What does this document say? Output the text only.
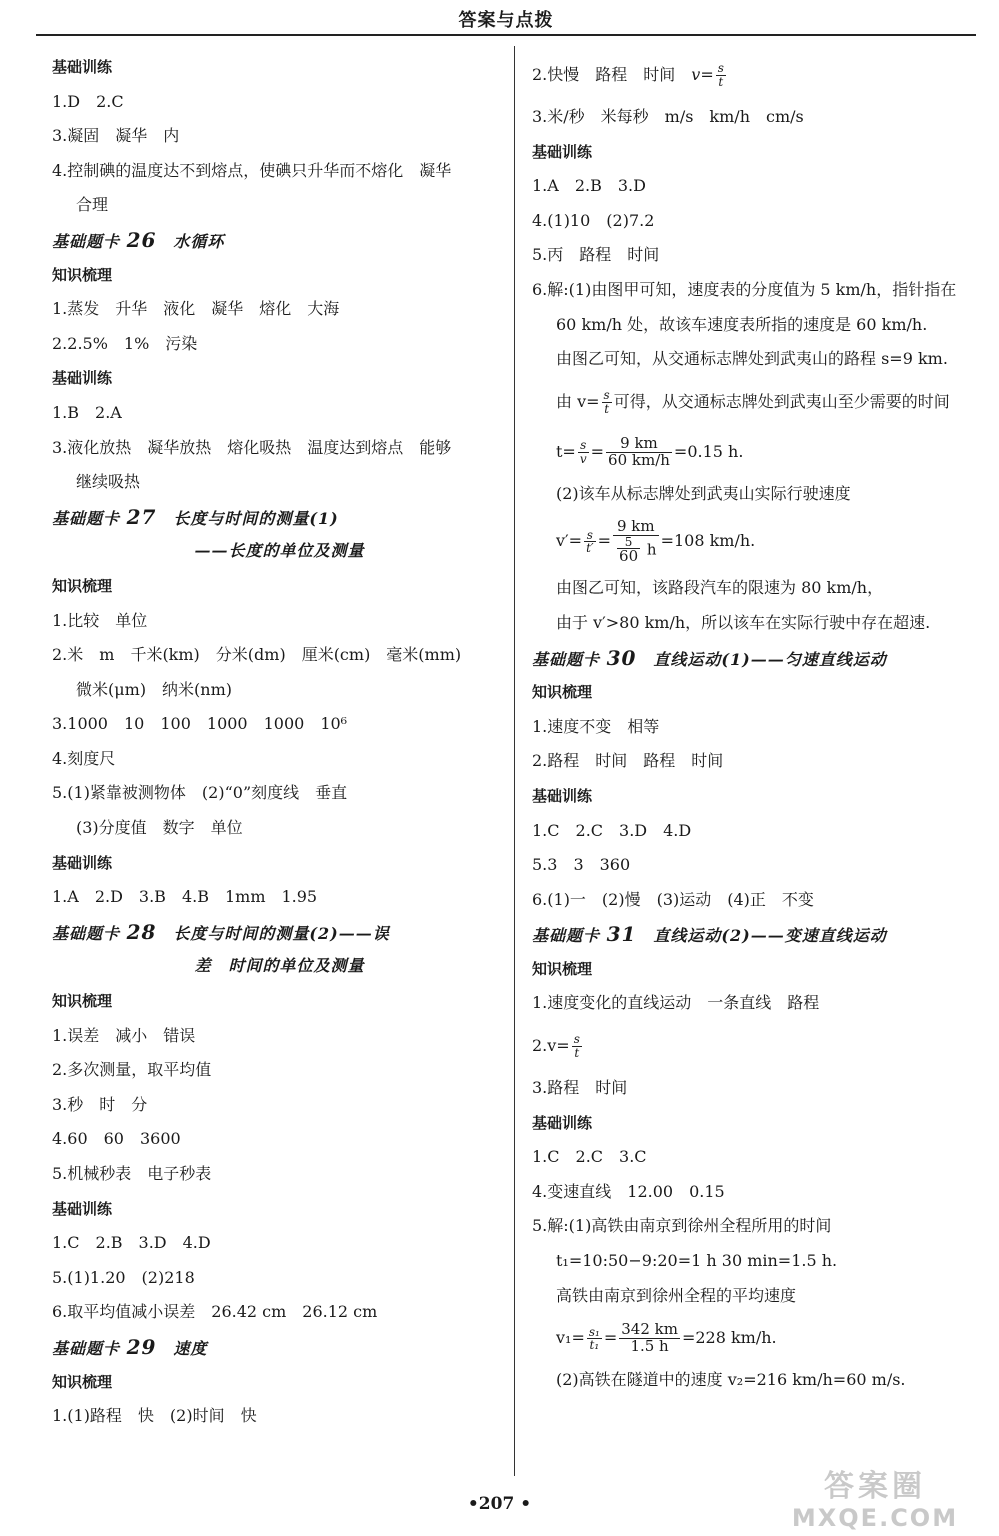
答案与点拨
基础训练
1.D　2.C
3.凝固　凝华　内
4.控制碘的温度达不到熔点，使碘只升华而不熔化　凝华
合理
基础题卡 26　水循环
知识梳理
1.蒸发　升华　液化　凝华　熔化　大海
2.2.5%　1%　污染
基础训练
1.B　2.A
3.液化放热　凝华放热　熔化吸热　温度达到熔点　能够
继续吸热
基础题卡 27　长度与时间的测量(1)
——长度的单位及测量
知识梳理
1.比较　单位
2.米　m　千米(km)　分米(dm)　厘米(cm)　毫米(mm)
微米(μm)　纳米(nm)
3.1000　10　100　1000　1000　10⁶
4.刻度尺
5.(1)紧靠被测物体　(2)“0”刻度线　垂直
(3)分度值　数字　单位
基础训练
1.A　2.D　3.B　4.B　1mm　1.95
基础题卡 28　长度与时间的测量(2)——误
差　时间的单位及测量
知识梳理
1.误差　减小　错误
2.多次测量，取平均值
3.秒　时　分
4.60　60　3600
5.机械秒表　电子秒表
基础训练
1.C　2.B　3.D　4.D
5.(1)1.20　(2)218
6.取平均值减小误差　26.42 cm　26.12 cm
基础题卡 29　速度
知识梳理
1.(1)路程　快　(2)时间　快
2.快慢　路程　时间　$v= \frac{s}{t}$
3.米/秒　米每秒　m/s　km/h　cm/s
基础训练
1.A　2.B　3.D
4.(1)10　(2)7.2
5.丙　路程　时间
6.解:(1)由图甲可知，速度表的分度值为 5 km/h，指针指在
60 km/h 处，故该车速度表所指的速度是 60 km/h.
由图乙可知，从交通标志牌处到武夷山的路程 s=9 km.
由 $v= \frac{s}{t}$ 可得，从交通标志牌处到武夷山至少需要的时间
$t= \frac{s}{v} = \frac{9 km}{60 km/h} =0.15$ h.
(2)该车从标志牌处到武夷山实际行驶速度
$v'= \frac{s}{t'} = \frac{9 km}{\frac{5}{60} h} =108$ km/h.
由图乙可知，该路段汽车的限速为 80 km/h，
由于 v′>80 km/h，所以该车在实际行驶中存在超速.
基础题卡 30　直线运动(1)——匀速直线运动
知识梳理
1.速度不变　相等
2.路程　时间　路程　时间
基础训练
1.C　2.C　3.D　4.D
5.3　3　360
6.(1)一　(2)慢　(3)运动　(4)正　不变
基础题卡 31　直线运动(2)——变速直线运动
知识梳理
1.速度变化的直线运动　一条直线　路程
$2.v= \frac{s}{t}$
3.路程　时间
基础训练
1.C　2.C　3.C
4.变速直线　12.00　0.15
5.解:(1)高铁由南京到徐州全程所用的时间
t₁=10:50−9:20=1 h 30 min=1.5 h.
高铁由南京到徐州全程的平均速度
$v_1= \frac{\text{s₁}}{\text{t₁}} = \frac{342 km}{1.5 h} =228$ km/h.
(2)高铁在隧道中的速度 v₂=216 km/h=60 m/s.
•207 •	答案圈
MXQE.COM
